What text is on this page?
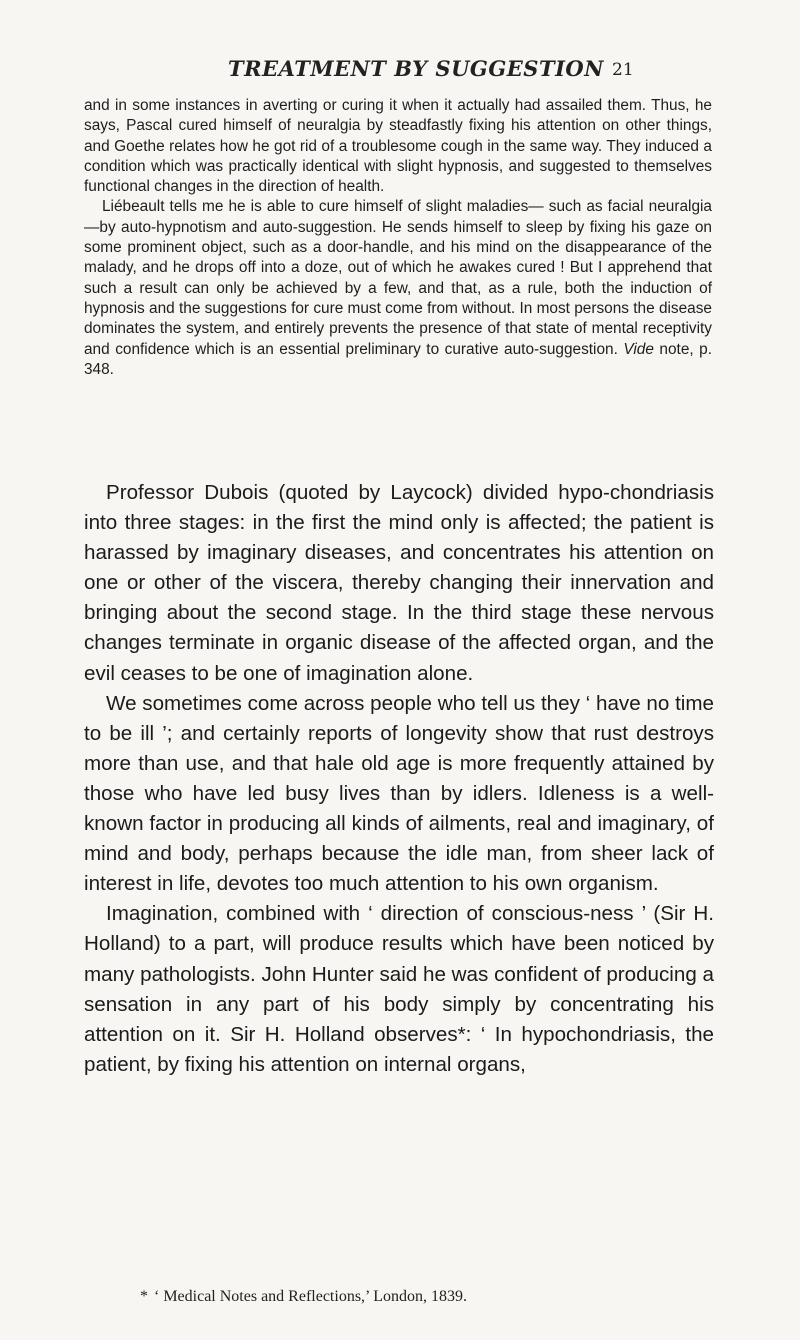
TREATMENT BY SUGGESTION 21

and in some instances in averting or curing it when it actually had assailed them. Thus, he says, Pascal cured himself of neuralgia by steadfastly fixing his attention on other things, and Goethe relates how he got rid of a troublesome cough in the same way. They induced a condition which was practically identical with slight hypnosis, and suggested to themselves functional changes in the direction of health.

Liébeault tells me he is able to cure himself of slight maladies— such as facial neuralgia—by auto-hypnotism and auto-suggestion. He sends himself to sleep by fixing his gaze on some prominent object, such as a door-handle, and his mind on the disappearance of the malady, and he drops off into a doze, out of which he awakes cured ! But I apprehend that such a result can only be achieved by a few, and that, as a rule, both the induction of hypnosis and the suggestions for cure must come from without. In most persons the disease dominates the system, and entirely prevents the presence of that state of mental receptivity and confidence which is an essential preliminary to curative auto-suggestion. Vide note, p. 348.

Professor Dubois (quoted by Laycock) divided hypo-chondriasis into three stages: in the first the mind only is affected; the patient is harassed by imaginary diseases, and concentrates his attention on one or other of the viscera, thereby changing their innervation and bringing about the second stage. In the third stage these nervous changes terminate in organic disease of the affected organ, and the evil ceases to be one of imagination alone.

We sometimes come across people who tell us they ‘ have no time to be ill ’; and certainly reports of longevity show that rust destroys more than use, and that hale old age is more frequently attained by those who have led busy lives than by idlers. Idleness is a well-known factor in producing all kinds of ailments, real and imaginary, of mind and body, perhaps because the idle man, from sheer lack of interest in life, devotes too much attention to his own organism.

Imagination, combined with ‘ direction of conscious-ness ’ (Sir H. Holland) to a part, will produce results which have been noticed by many pathologists. John Hunter said he was confident of producing a sensation in any part of his body simply by concentrating his attention on it. Sir H. Holland observes*: ‘ In hypochondriasis, the patient, by fixing his attention on internal organs,

* ‘ Medical Notes and Reflections,’ London, 1839.
